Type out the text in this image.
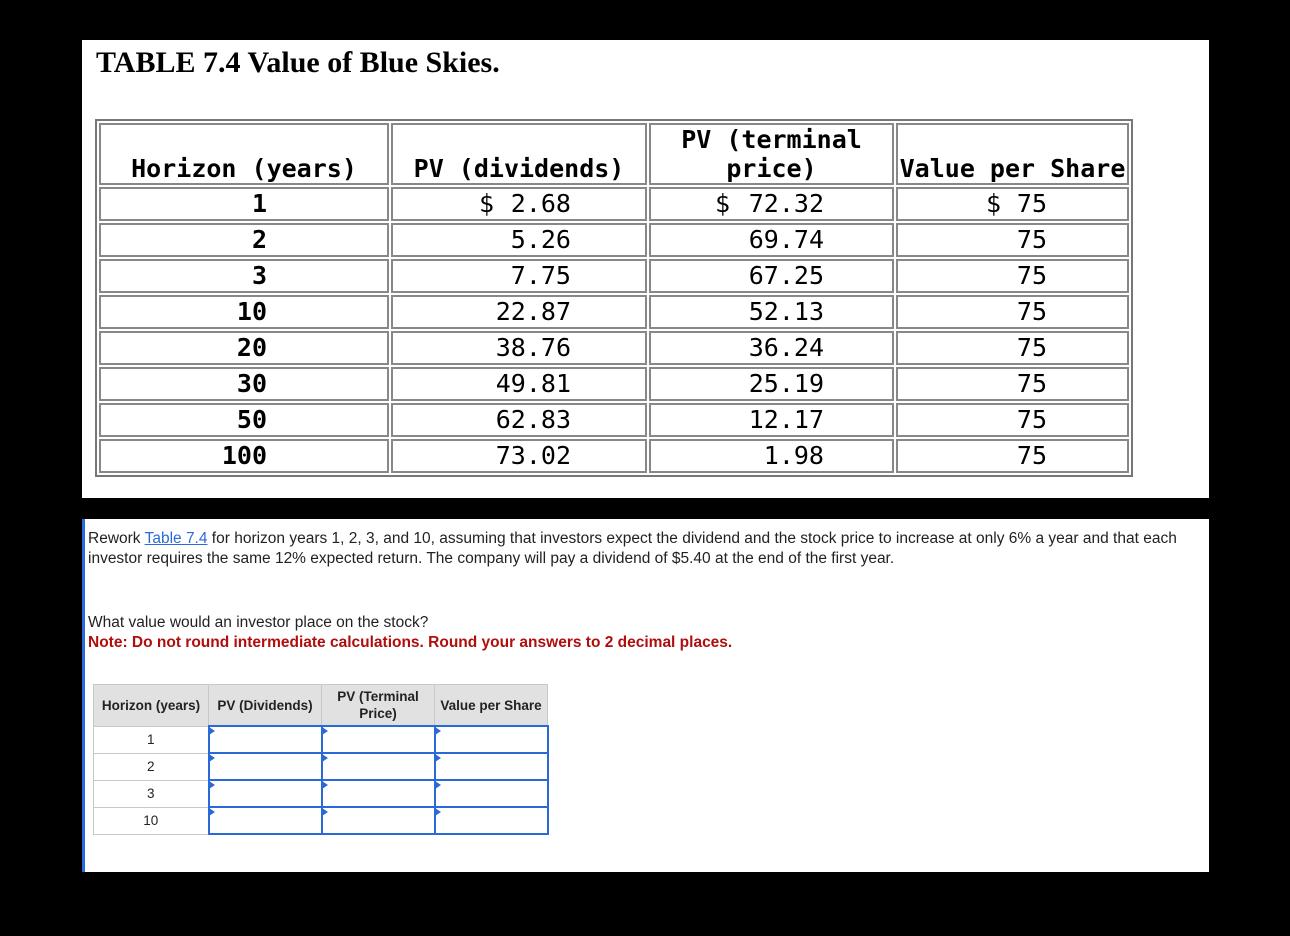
TABLE 7.4 Value of Blue Skies.
Horizon (years)	PV (dividends)	PV (terminal price)	Value per Share
1	$ 2.68	$ 72.32	$ 75
2	5.26	69.74	75
3	7.75	67.25	75
10	22.87	52.13	75
20	38.76	36.24	75
30	49.81	25.19	75
50	62.83	12.17	75
100	73.02	1.98	75
Rework Table 7.4 for horizon years 1, 2, 3, and 10, assuming that investors expect the dividend and the stock price to increase at only 6% a year and that each investor requires the same 12% expected return. The company will pay a dividend of $5.40 at the end of the first year.
What value would an investor place on the stock?
Note: Do not round intermediate calculations. Round your answers to 2 decimal places.
Horizon (years)	PV (Dividends)	PV (Terminal Price)	Value per Share
1	

2	

3	

10	
